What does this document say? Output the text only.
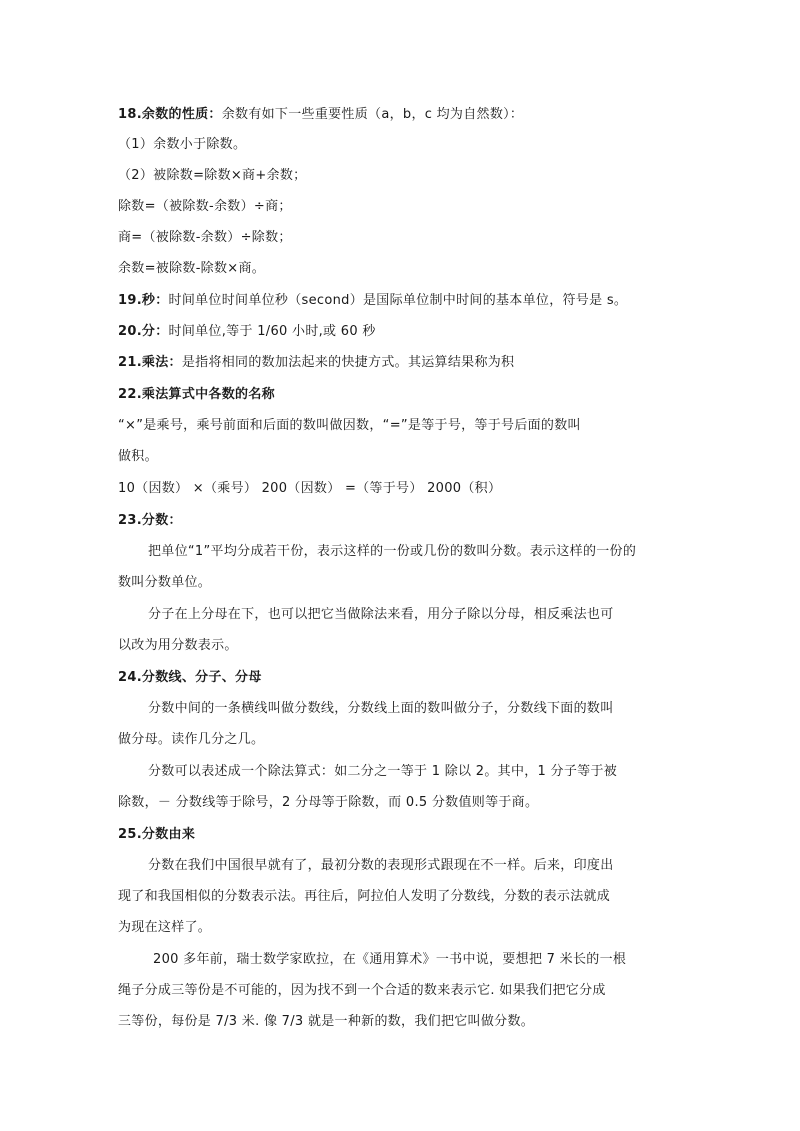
18.余数的性质：余数有如下一些重要性质（a，b，c 均为自然数）：
（1）余数小于除数。
（2）被除数=除数×商+余数；
除数=（被除数-余数）÷商；
商=（被除数-余数）÷除数；
余数=被除数-除数×商。
19.秒：时间单位时间单位秒（second）是国际单位制中时间的基本单位，符号是 s。
20.分：时间单位,等于 1/60 小时,或 60 秒
21.乘法：是指将相同的数加法起来的快捷方式。其运算结果称为积
22.乘法算式中各数的名称
“×”是乘号，乘号前面和后面的数叫做因数，“=”是等于号，等于号后面的数叫
做积。
10（因数） ×（乘号） 200（因数） =（等于号） 2000（积）
23.分数：
把单位“1”平均分成若干份，表示这样的一份或几份的数叫分数。表示这样的一份的
数叫分数单位。
分子在上分母在下，也可以把它当做除法来看，用分子除以分母，相反乘法也可
以改为用分数表示。
24.分数线、分子、分母
分数中间的一条横线叫做分数线，分数线上面的数叫做分子，分数线下面的数叫
做分母。读作几分之几。
分数可以表述成一个除法算式：如二分之一等于 1 除以 2。其中，1 分子等于被
除数，－ 分数线等于除号，2 分母等于除数，而 0.5 分数值则等于商。
25.分数由来
分数在我们中国很早就有了，最初分数的表现形式跟现在不一样。后来，印度出
现了和我国相似的分数表示法。再往后，阿拉伯人发明了分数线，分数的表示法就成
为现在这样了。
200 多年前，瑞士数学家欧拉，在《通用算术》一书中说，要想把 7 米长的一根
绳子分成三等份是不可能的，因为找不到一个合适的数来表示它. 如果我们把它分成
三等份，每份是 7/3 米. 像 7/3 就是一种新的数，我们把它叫做分数。
